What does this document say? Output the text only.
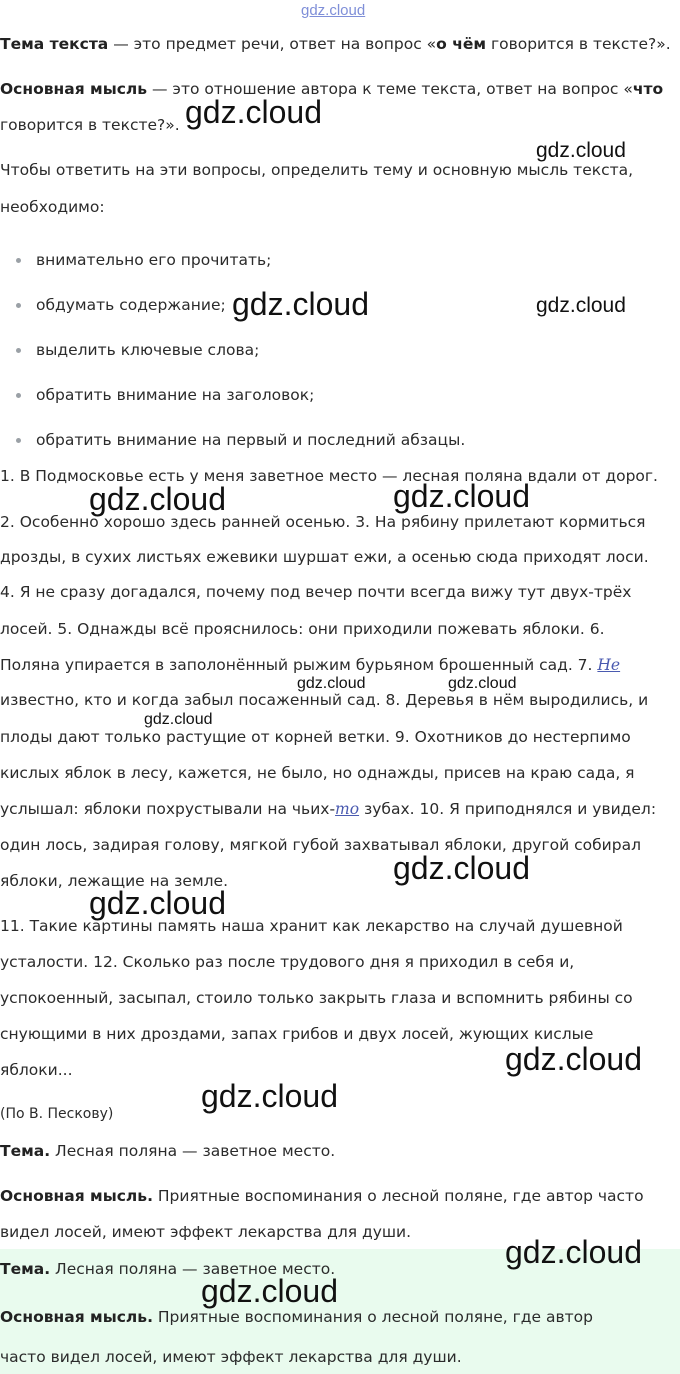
gdz.cloud
Тема текста — это предмет речи, ответ на вопрос «о чём говорится в тексте?».
Основная мысль — это отношение автора к теме текста, ответ на вопрос «что
говорится в тексте?».
Чтобы ответить на эти вопросы, определить тему и основную мысль текста,
необходимо:
внимательно его прочитать;
обдумать содержание;
выделить ключевые слова;
обратить внимание на заголовок;
обратить внимание на первый и последний абзацы.
1. В Подмосковье есть у меня заветное место — лесная поляна вдали от дорог.
2. Особенно хорошо здесь ранней осенью. 3. На рябину прилетают кормиться
дрозды, в сухих листьях ежевики шуршат ежи, а осенью сюда приходят лоси.
4. Я не сразу догадался, почему под вечер почти всегда вижу тут двух-трёх
лосей. 5. Однажды всё прояснилось: они приходили пожевать яблоки. 6.
Поляна упирается в заполонённый рыжим бурьяном брошенный сад. 7. Не
известно, кто и когда забыл посаженный сад. 8. Деревья в нём выродились, и
плоды дают только растущие от корней ветки. 9. Охотников до нестерпимо
кислых яблок в лесу, кажется, не было, но однажды, присев на краю сада, я
услышал: яблоки похрустывали на чьих-то зубах. 10. Я приподнялся и увидел:
один лось, задирая голову, мягкой губой захватывал яблоки, другой собирал
яблоки, лежащие на земле.
11. Такие картины память наша хранит как лекарство на случай душевной
усталости. 12. Сколько раз после трудового дня я приходил в себя и,
успокоенный, засыпал, стоило только закрыть глаза и вспомнить рябины со
снующими в них дроздами, запах грибов и двух лосей, жующих кислые
яблоки...
(По В. Пескову)
Тема. Лесная поляна — заветное место.
Основная мысль. Приятные воспоминания о лесной поляне, где автор часто
видел лосей, имеют эффект лекарства для души.
Тема. Лесная поляна — заветное место.
Основная мысль. Приятные воспоминания о лесной поляне, где автор
часто видел лосей, имеют эффект лекарства для души.
gdz.cloud
gdz.cloud
gdz.cloud	gdz.cloud
gdz.cloud	gdz.cloud
gdz.cloud	gdz.cloud
gdz.cloud
gdz.cloud
gdz.cloud
gdz.cloud
gdz.cloud
gdz.cloud
gdz.cloud
